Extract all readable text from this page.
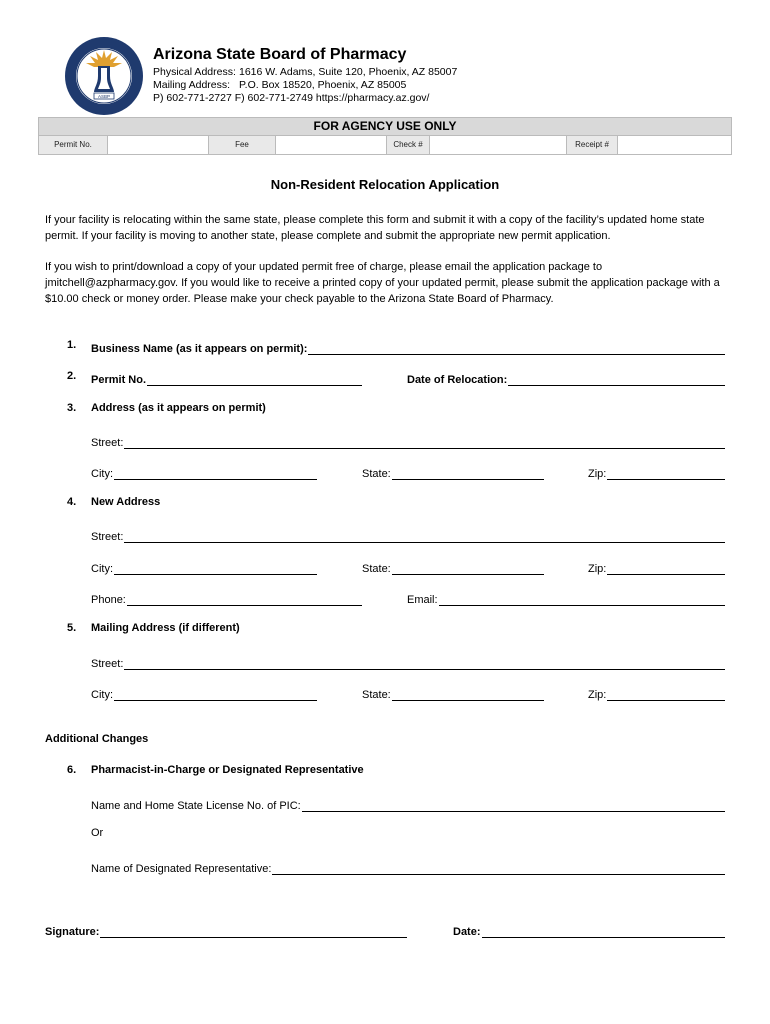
ASBP
Arizona State Board of Pharmacy
Physical Address: 1616 W. Adams, Suite 120, Phoenix, AZ 85007
Mailing Address: P.O. Box 18520, Phoenix, AZ 85005
P) 602-771-2727 F) 602-771-2749 https://pharmacy.az.gov/
FOR AGENCY USE ONLY
Permit No.	Fee	Check #	Receipt #
Non-Resident Relocation Application
If your facility is relocating within the same state, please complete this form and submit it with a copy of the facility’s updated home state permit. If your facility is moving to another state, please complete and submit the appropriate new permit application.
If you wish to print/download a copy of your updated permit free of charge, please email the application package to jmitchell@azpharmacy.gov. If you would like to receive a printed copy of your updated permit, please submit the application package with a $10.00 check or money order. Please make your check payable to the Arizona State Board of Pharmacy.
1. Business Name (as it appears on permit):
2. Permit No.	Date of Relocation:
3. Address (as it appears on permit)
Street:
City:	State:	Zip:
4. New Address
Street:
City:	State:	Zip:
Phone:	Email:
5. Mailing Address (if different)
Street:
City:	State:	Zip:
Additional Changes
6. Pharmacist-in-Charge or Designated Representative
Name and Home State License No. of PIC:
Or
Name of Designated Representative:
Signature:	Date:
